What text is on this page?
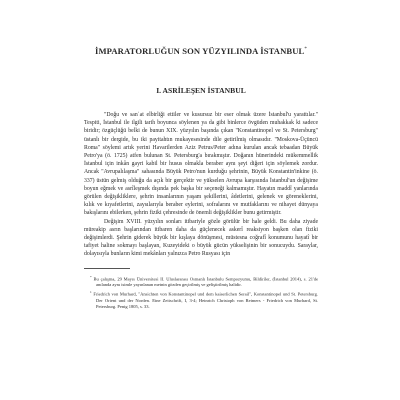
İMPARATORLUĞUN SON YÜZYILINDA İSTANBUL*
I. ASRİLEŞEN İSTANBUL

"Doğu ve sanʿat elbirliği ettiler ve kusursuz bir eser olmak üzere İstanbul'u yarattılar." Tespiti, İstanbul ile ilgili tarih boyunca söylenen ya da gibi binlerce övgüden muhakkak ki sadece biridir; özgüçlüğü belki de bunun XIX. yüzyılın başında çıkan "Konstantinopel ve St. Petersburg" üstanlı bir dergide, bu iki payitahtın mukayesesinde dile getirilmiş olmasıdır. "Moskova-Üçüncü Roma" söylemi artık yerini Havarilerden Aziz Petrus/Peter adına kurulan ancak tebaadan Büyük Petro'ya (ö. 1725) atfen bulunan St. Petersburg'a bırakmıştır. Doğanın hünerindeki mükemmellik İstanbul için inkân gayri kabil bir husus olmakla beraber aynı şeyi diğeri için söylemek zordur. Ancak "Avrupalılaşma" sahasında Büyük Petro'nun kurduğu şehrinin, Büyük Konstantin'inkine (ö. 337) üstün gelmiş olduğu da açık bir gerçektir ve yükselen Avrupa karşısında İstanbul'un değişime boyun eğmek ve asrîleşmek dışında pek başka bir seçeneği kalmamıştır. Hayatın maddî yanlarında görülen değişikliklere, şehrin insanlarının yaşam şekillerini, âdetlerini, gelenek ve göreneklerini, kılık ve kıyafetlerini, zaysılarıyla beraber eylerini, sofralarını ve mutfaklarını ve nihayet dünyaya bakışlarını ebilerken, şehrin fiziki çehresinde de önemli değişiklikler bunu getirmiştir.

Değişim XVIII. yüzyılın sonları itibariyle gözle görülür bir hale geldi. Bu daha ziyade müreakip asrın başlarından itibaren daha da güçlenecek askerî reaksiyon başken olan fiziki değişimlerdi. Şehrin giderek büyük bir kışlaya dönüşmesi, müstesna coğrafî konumunu hayatî bir tafiyet haline sokmayı başlayan, Kuzeyideki o büyük gücün yükselişinin bir sonucuydu. Saraylar, dolayısıyla bunların kimi mekânları yalnızca Petro Rusyası için

* Bu çalışma, 29 Mayıs Üniversitesi II. Uluslararası Osmanlı İstanbulu Sempozyumu, Bildiriler, (İstanbul 2014), s. 21'de anılanda aynı isimle yayınlanan metnin gözden geçirilmiş ve geliştirilmiş halidir.

$^1$ Friedrich von Murhard, "Ansichten von Konstantinopel und dem kaiserlichen Serail", Konstantinopel und St. Petersburg. Der Orient und der Norden. Eine Zeitschrift, I, 3-4; Heinrich Christoph von Reimers - Friedrich von Murhard, St. Petersburg. Penig 1805, s. 33.
